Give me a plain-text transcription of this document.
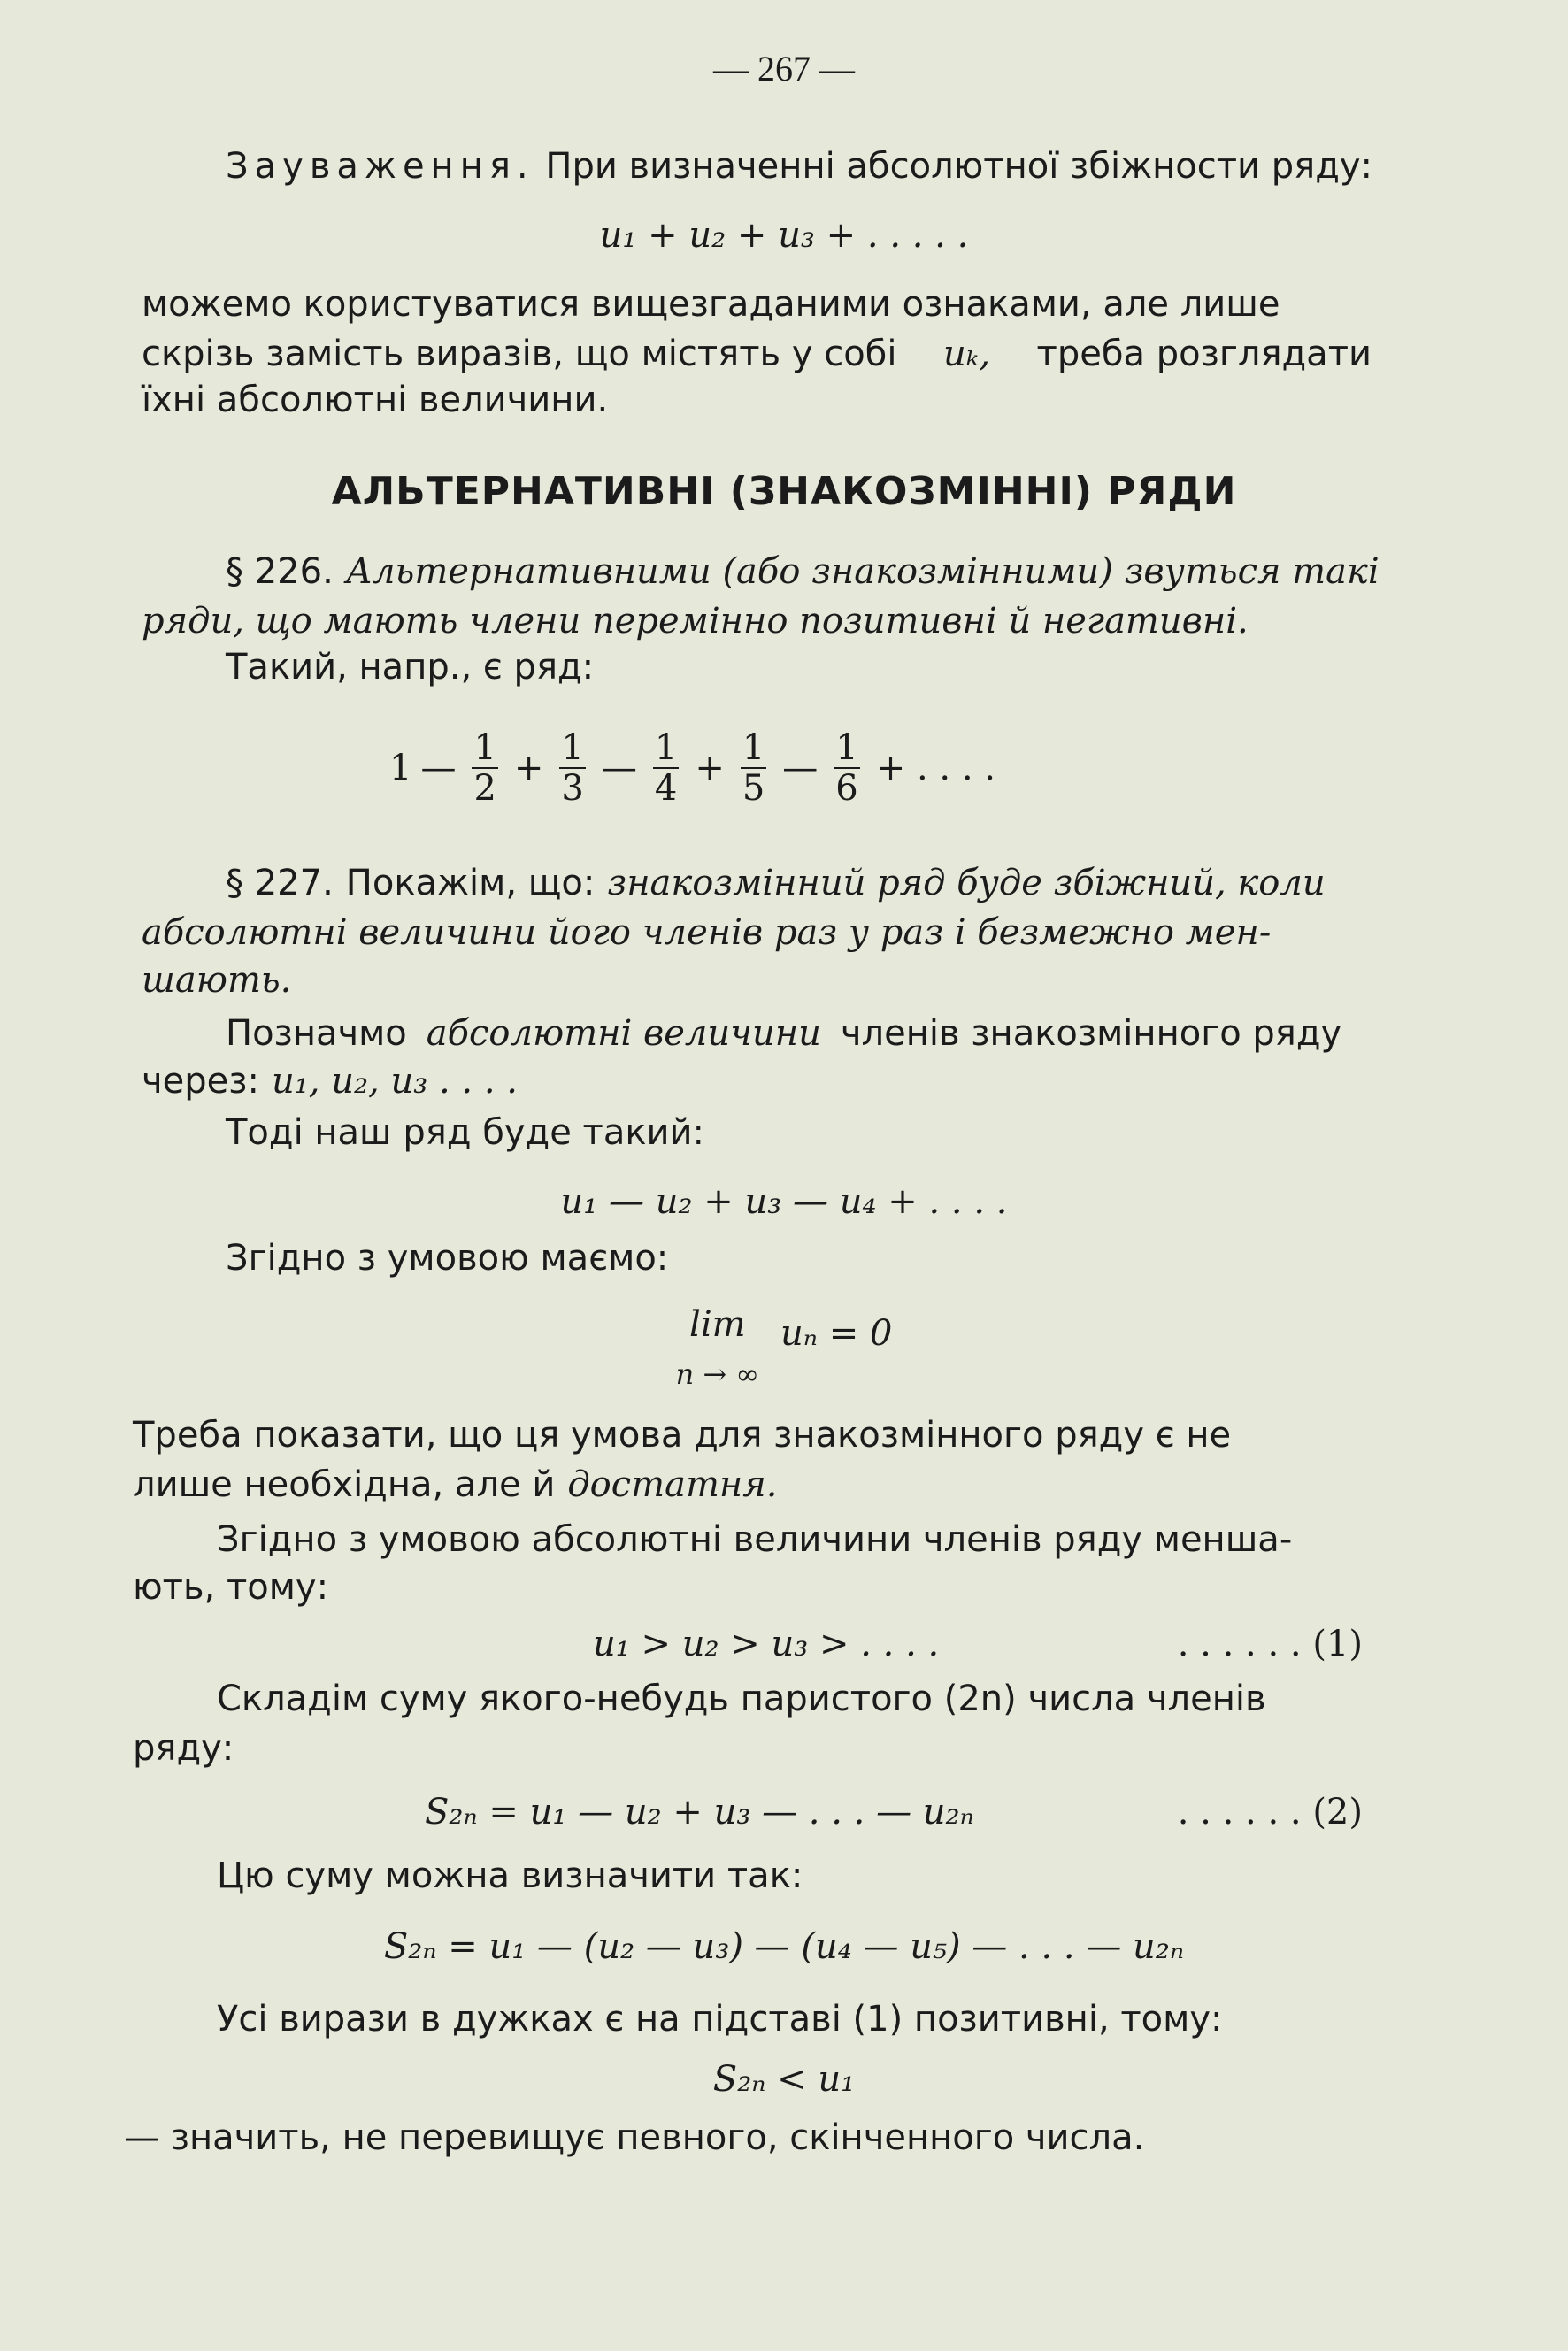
— 267 —
Зауваження. При визначенні абсолютної збіжности ряду:
u₁ + u₂ + u₃ + . . . . .
можемо користуватися вищезгаданими ознаками, але лише
скрізь замість виразів, що містять у собі uₖ, треба розглядати
їхні абсолютні величини.
АЛЬТЕРНАТИВНІ (ЗНАКОЗМІННІ) РЯДИ
§ 226. Альтернативними (або знакозмінними) звуться такі
ряди, що мають члени перемінно позитивні й негативні.
Такий, напр., є ряд:
1 — $\frac{1}{2} + \frac{1}{3}$ — $\frac{1}{4} + \frac{1}{5}$ — $\frac{1}{6}$ + . . . .
§ 227. Покажім, що: знакозмінний ряд буде збіжний, коли
абсолютні величини його членів раз у раз і безмежно мен-
шають.
Позначмо абсолютні величини членів знакозмінного ряду
через: u₁, u₂, u₃ . . . .
Тоді наш ряд буде такий:
u₁ — u₂ + u₃ — u₄ + . . . .
Згідно з умовою маємо:
lim
n → ∞
uₙ = 0
Треба показати, що ця умова для знакозмінного ряду є не
лише необхідна, але й достатня.
Згідно з умовою абсолютні величини членів ряду менша-
ють, тому:
u₁ > u₂ > u₃ > . . . .	. . . . . . (1)
Складім суму якого-небудь паристого (2n) числа членів
ряду:
S₂ₙ = u₁ — u₂ + u₃ — . . . — u₂ₙ	. . . . . . (2)
Цю суму можна визначити так:
S₂ₙ = u₁ — (u₂ — u₃) — (u₄ — u₅) — . . . — u₂ₙ
Усі вирази в дужках є на підставі (1) позитивні, тому:
S₂ₙ < u₁
— значить, не перевищує певного, скінченного числа.
